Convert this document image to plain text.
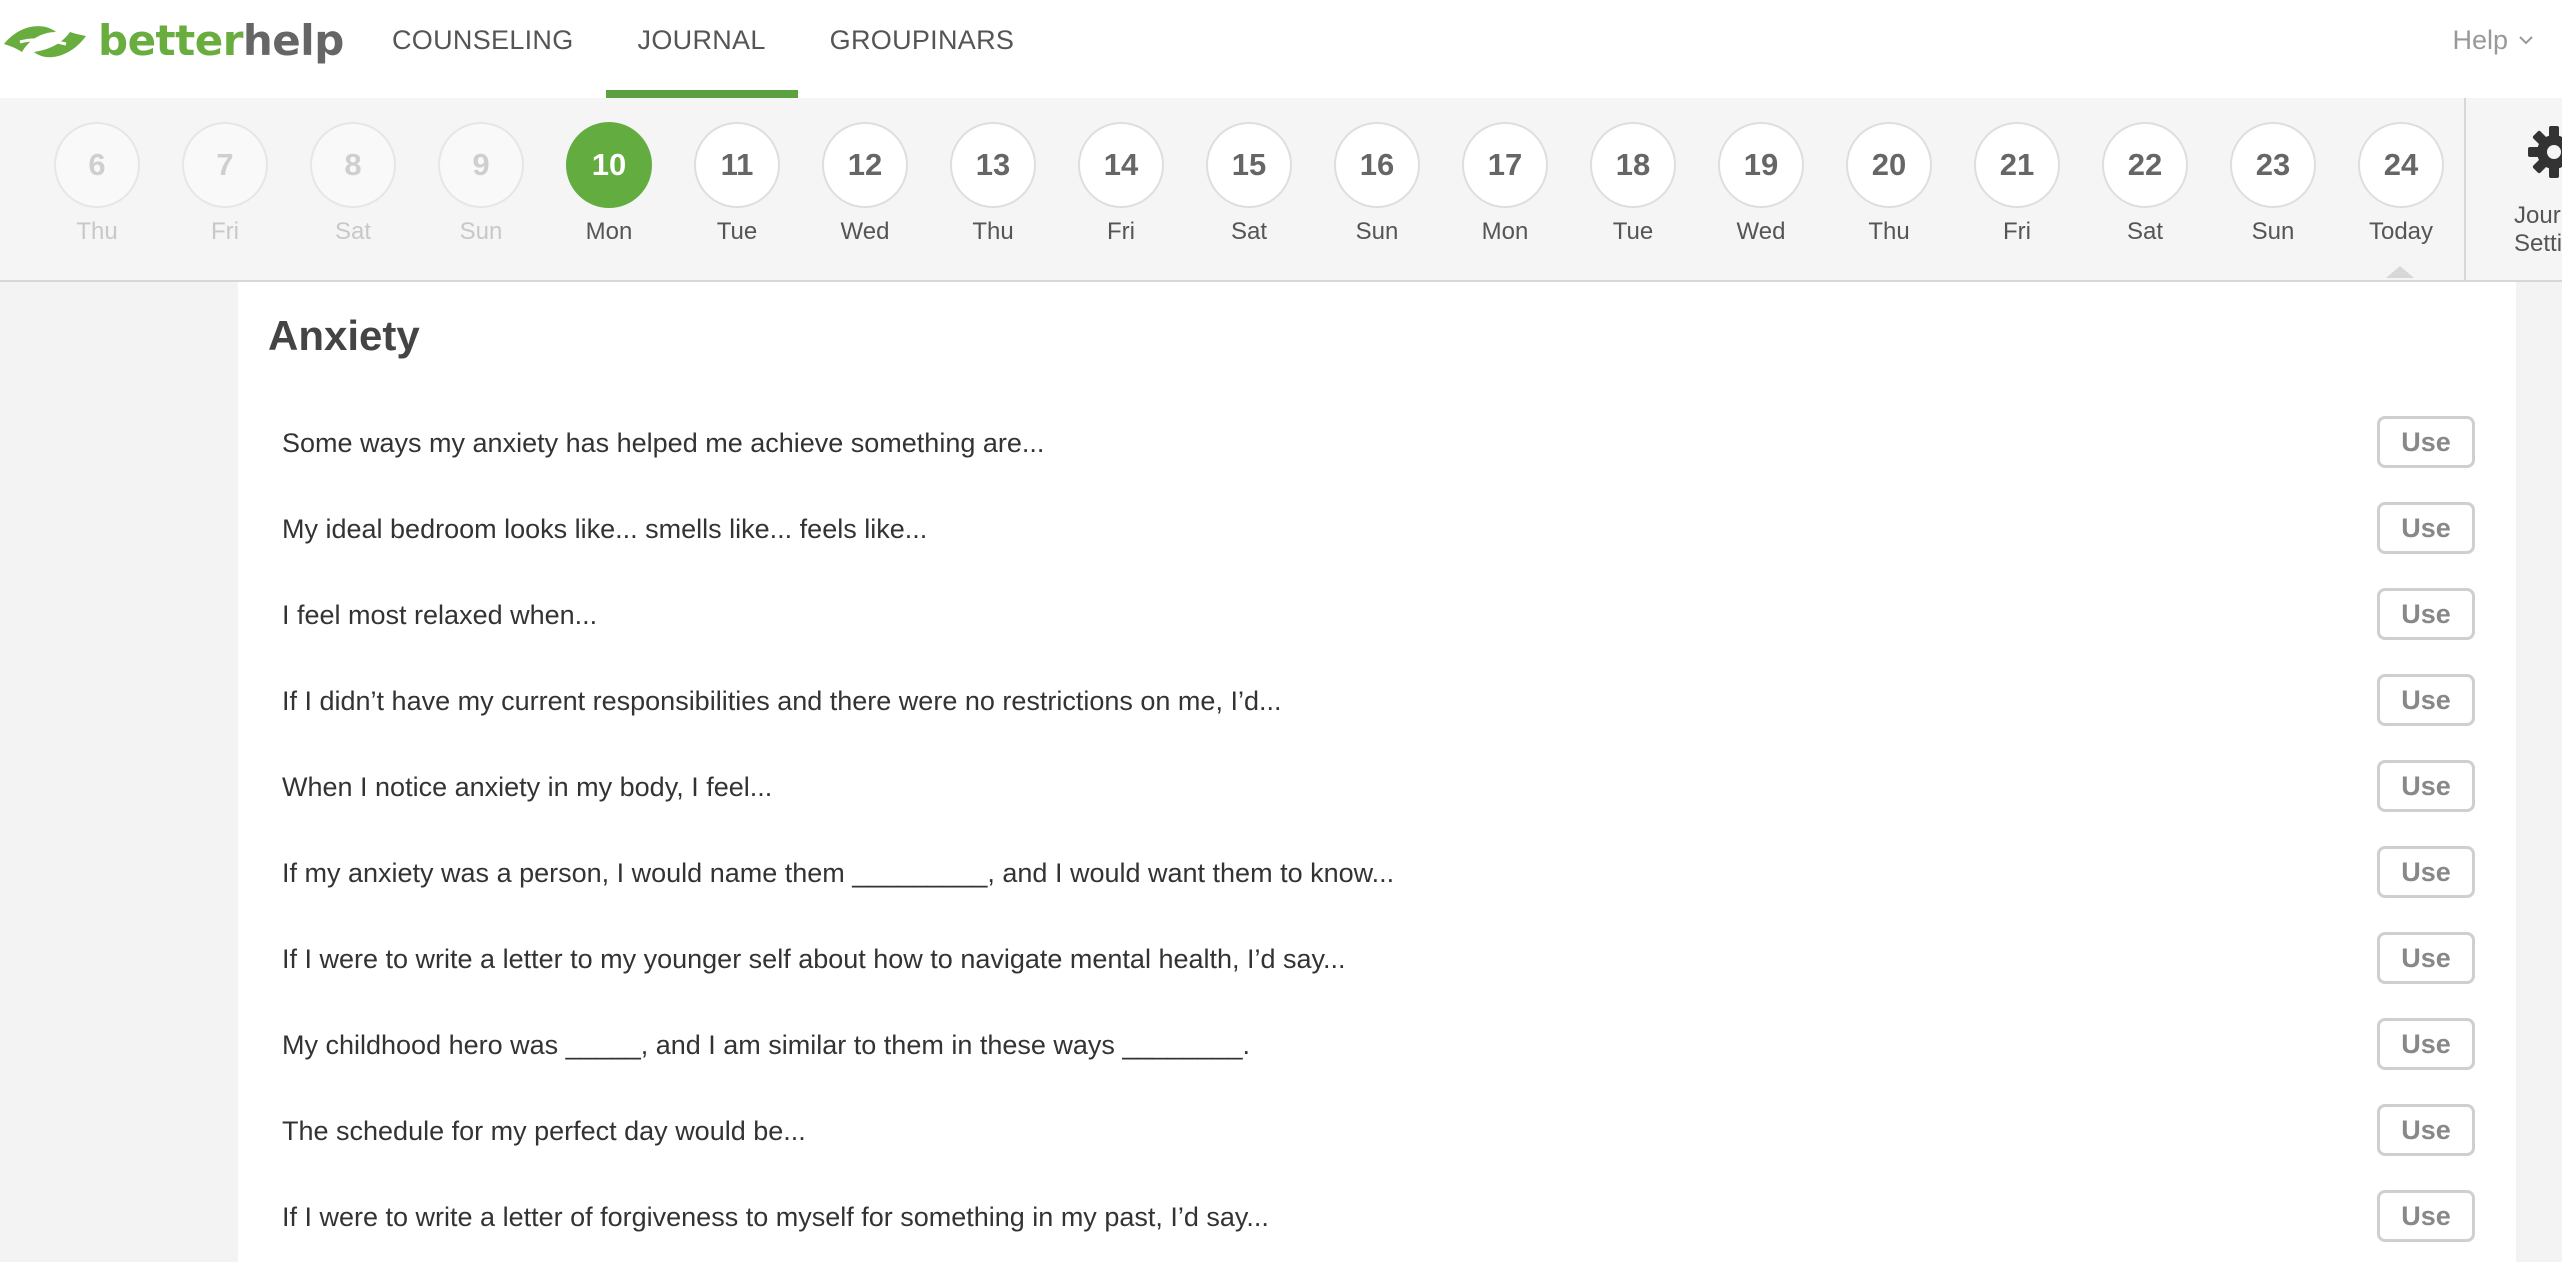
betterhelp	COUNSELING	JOURNAL	GROUPINARS	Help
6
Thu
7
Fri
8
Sat
9
Sun
10
Mon
11
Tue
12
Wed
13
Thu
14
Fri
15
Sat
16
Sun
17
Mon
18
Tue
19
Wed
20
Thu
21
Fri
22
Sat
23
Sun
24
Today
Jour
Setti
Anxiety
Some ways my anxiety has helped me achieve something are...	Use
My ideal bedroom looks like... smells like... feels like...	Use
I feel most relaxed when...	Use
If I didn’t have my current responsibilities and there were no restrictions on me, I’d...	Use
When I notice anxiety in my body, I feel...	Use
If my anxiety was a person, I would name them _________, and I would want them to know...	Use
If I were to write a letter to my younger self about how to navigate mental health, I’d say...	Use
My childhood hero was _____, and I am similar to them in these ways ________.	Use
The schedule for my perfect day would be...	Use
If I were to write a letter of forgiveness to myself for something in my past, I’d say...	Use
